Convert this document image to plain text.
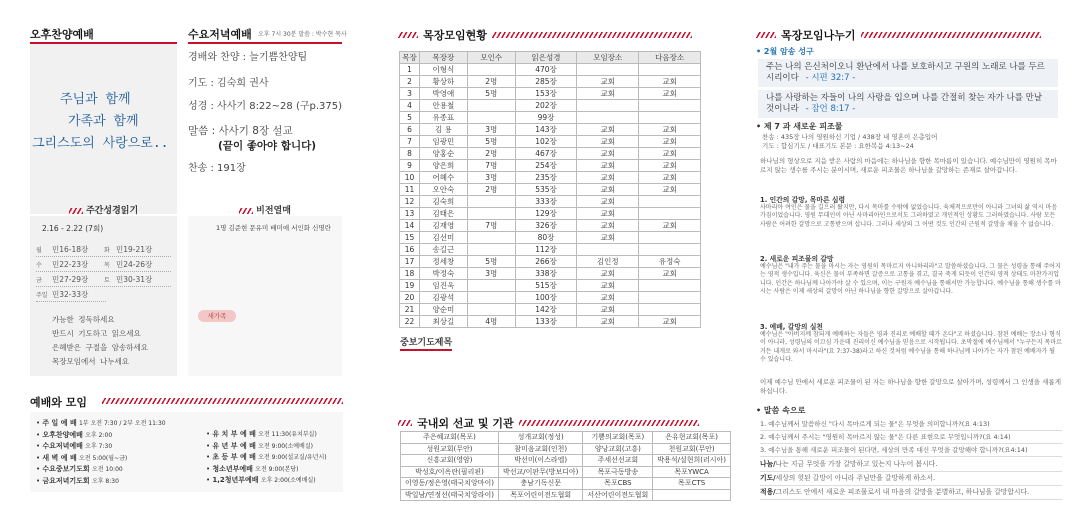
오후찬양예배
주님과 함께
가족과 함께
그리스도의 사랑으로..
수요저녁예배 오후 7시 30분 말씀 : 박수현 목사
경배와 찬양 : 늘기쁨찬양팀
기도 : 김숙희 권사
성경 : 사사기 8:22~28 (구p.375)
말씀 : 사사기 8장 설교
(끝이 좋아야 합니다)
찬송 : 191장
주간성경읽기
2.16 - 2.22 (7회)
월	민16-18장	화 민19-21장
수	민22-23장	목 민24-26장
금	민27-29장	토 민30-31장
주일 민32-33장
가능한 정독하세요
반드시 기도하고 읽으세요
은혜받은 구절을 암송하세요
목장모임에서 나누세요
비전열매
1명 김준현 문유미 배미애 서인화 신명란
새가족
예배와 모임
• 주 일 예 배 1부 오전 7:30 / 2부 오전 11:30
• 오후찬양예배 오후 2:00
• 수요저녁예배 오후 7:30
• 새 벽 예 배 오전 5:00(월~금)
• 수요중보기도회 오전 10:00
• 금요저녁기도회 오후 8:30
• 유 치 부 예 배 오전 11:30(유치부실)
• 유 년 부 예 배 오전 9:00(소예배실)
• 초 등 부 예 배 오전 9:00(설교실/유년시)
• 청소년부예배 오전 9:00(본당)
• 1,2청년부예배 오후 2:00(소예배실)
목장모임현황
목장	목장장	모인수	읽은성경	모임장소	다음장소
1	이형식		470장		
2	황상하	2명	285장	교회	교회
3	박영애	5명	153장	교회	교회
4	안용철		202장		
5	유종표		99장		
6	김 용	3명	143장	교회	교회
7	임광민	5명	102장	교회	교회
8	양홍순	2명	467장	교회	교회
9	양은희	7명	254장	교회	교회
10	어혜수	3명	235장	교회	교회
11	오안숙	2명	535장	교회	교회
12	김숙희		333장	교회	
13	김태은		129장	교회	
14	김재영	7명	326장	교회	교회
15	김선미		80장	교회	
16	송길근		112장		
17	정세창	5명	266장	김인정	유정숙
18	박정숙	3명	338장	교회	교회
19	임진욱		515장	교회	
20	김광석		100장	교회	
21	양순미		142장	교회	
22	최상길	4명	133장	교회	교회
중보기도제목
국내외 선교 및 기관
주은혜교회(목포)	성개교회(정성)	기쁨의교회(목포)	은유현교회(목포)
성원교회(무안)	참미음교회(인천)	양낭교회(고흥)	천원교회(무안)
신흥교회(영암)	박선미(이스라엘)	주세선선교회	박용석/설현희(러시아)
박성호/이옥란(필리핀)	박선교/이판무(방보디아)	목포극동방송	목포YWCA
이영동/정은영(태국치앙마이)	충남기독신문	목포CBS	목포CTS
박일남/연정선(태국치앙라이)	목포어린이전도협회	서산어린이전도협회	
목장모임나누기
• 2월 암송 성구
주는 나의 은신처이오니 환난에서 나를 보호하시고 구원의 노래로 나를 두르시리이다 - 시편 32:7 -
나를 사랑하는 자들이 나의 사랑을 입으며 나를 간절히 찾는 자가 나를 만날 것이니라 - 잠언 8:17 -
• 제 7 과 새로운 피조물
찬송 : 435장 나의 영원하신 기업 / 438장 내 영혼이 은총입어
기도 : 합심기도 / 대표기도 본문 : 요한복음 4:13~24
하나님의 형상으로 지음 받은 사람의 마음에는 하나님을 향한 목마름이 있습니다. 예수님만이 영원히 목마르지 않는 생수를 주시는 분이시며, 새로운 피조물은 하나님을 갈망하는 존재로 살아갑니다.
1. 인간의 갈망, 목마른 심령
사마리아 여인은 물을 길으러 왔지만, 다시 목마를 수밖에 없었습니다. 육체적으로만이 아니라 그녀의 삶 역시 마음가짐이었습니다. 영원 무대인이 아닌 사마리아인으로서도 그러하였고 개인적인 상황도 그러하였습니다. 사람 모든 사람은 어려한 갈망으로 고통받으며 삽니다. 그러나 세상의 그 어떤 것도 인간의 근원적 갈망을 채울 수 없습니다.
2. 새로운 피조물의 갈망
예수님은 "내가 주는 물을 마시는 자는 영원히 목마르지 아니하리라"고 말씀하셨습니다. 그 물은 성령을 통해 주어지는 영적 생수입니다. 육신은 물이 부족하면 갈증으로 고통을 겪고, 결국 죽게 되듯이 인간의 영적 상태도 마찬가지입니다. 인간은 하나님께 나아가야 살 수 있으며, 이는 구원자 예수님을 통해서만 가능합니다. 예수님을 통해 생수를 마시는 사람은 이제 세상의 갈망이 아닌 하나님을 향한 갈망으로 살아갑니다.
3. 예배, 갈망의 실천
예수님은 "아버지께 참되게 예배하는 자들은 영과 진리로 예배할 때가 온다"고 하셨습니다. 참된 예배는 장소나 형식이 아니라, 성령님의 이끄심 가운데 진리이신 예수님을 믿음으로 시작됩니다. 초막절에 예수님께서 "누구든지 목마르거든 내게로 와서 마시라"(요 7:37-38)라고 하신 것처럼 예수님을 통해 하나님께 나아가는 자가 참된 예배자가 될 수 있습니다.
이제 예수님 안에서 새로운 피조물이 된 자는 하나님을 향한 갈망으로 살아가며, 성령께서 그 인생을 새롭게 하십니다.
• 말씀 속으로
1. 예수님께서 말씀하신 "다시 목마르게 되는 물"은 무엇을 의미합니까?(요 4:13)
2. 예수님께서 주시는 "영원히 목마르지 않는 물"은 다른 표현으로 무엇입니까?(요 4:14)
3. 예수님을 통해 새로운 피조물이 된다면, 세상의 만족 대신 무엇을 갈망해야 합니까?(요4:14)
나눔/나는 지금 무엇을 가장 갈망하고 있는지 나누어 봅시다.
기도/세상의 헛된 갈망이 아니라 주님만을 갈망하게 하소서.
적용/그리스도 안에서 새로운 피조물로서 내 마음의 갈망을 분별하고, 하나님을 갈망합시다.
